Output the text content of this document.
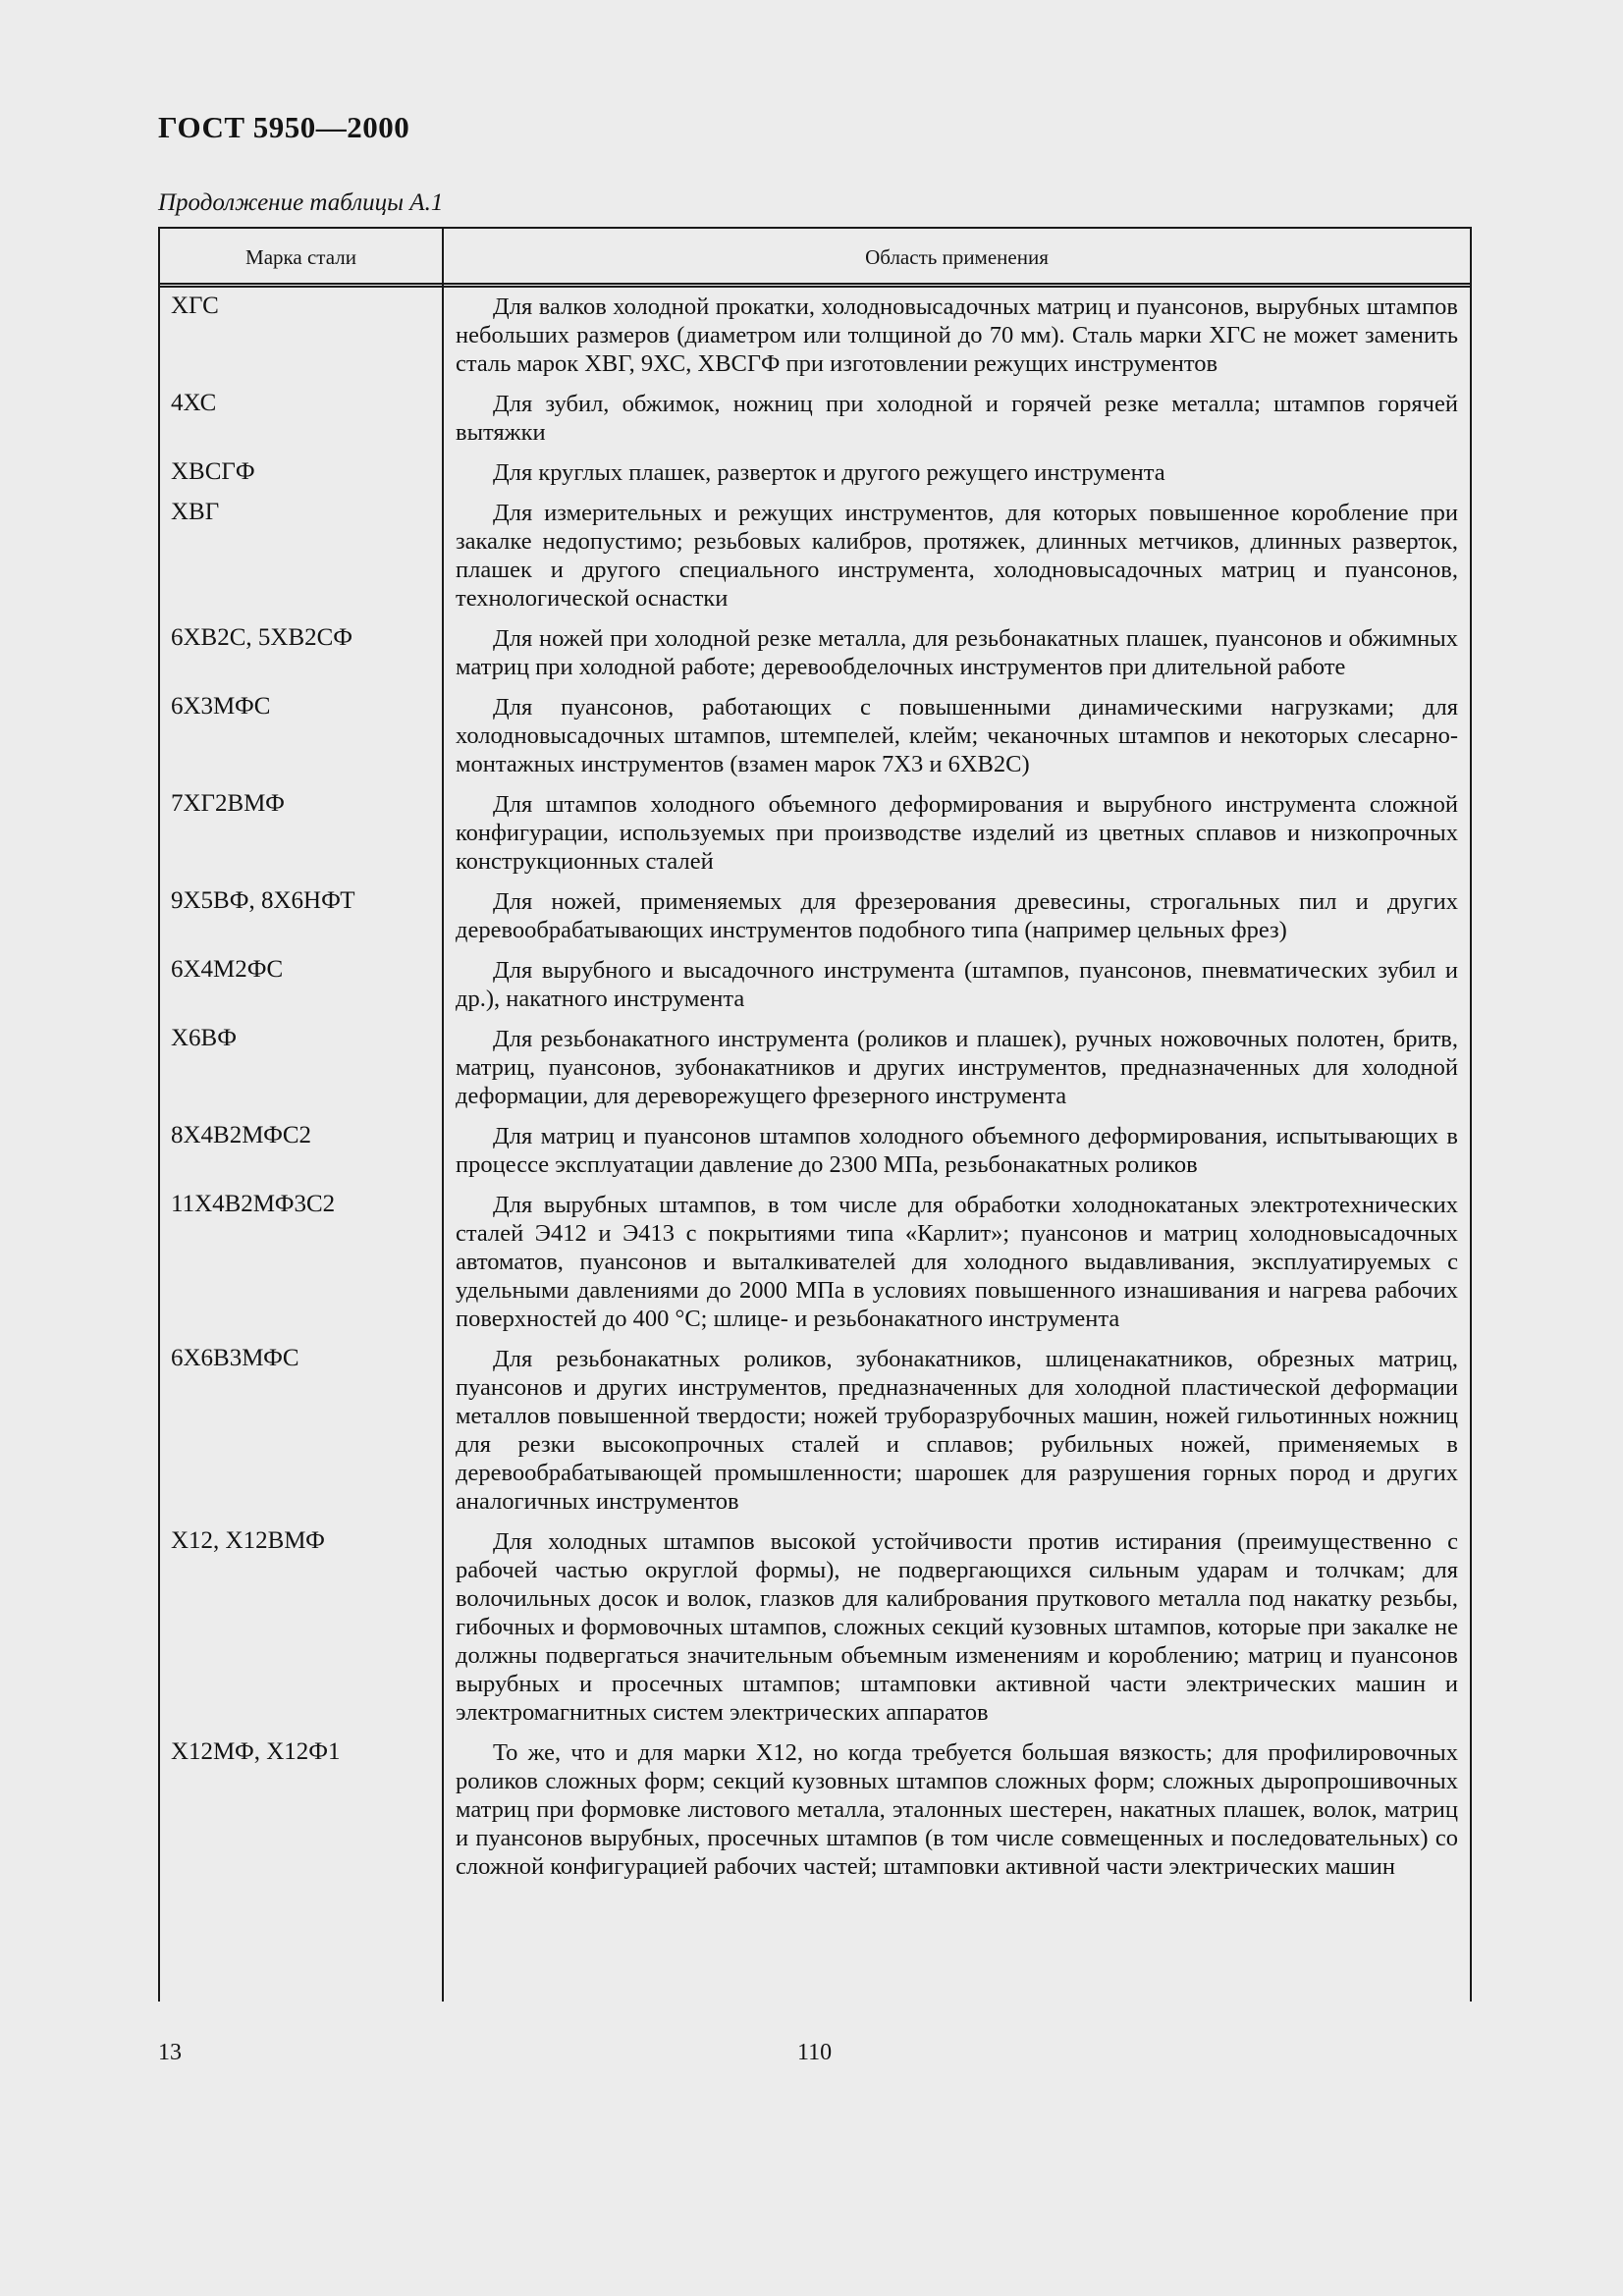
ГОСТ 5950—2000

Продолжение таблицы А.1

Марка стали	Область применения
ХГС	Для валков холодной прокатки, холодновысадочных матриц и пуансонов, вырубных штампов небольших размеров (диаметром или толщиной до 70 мм). Сталь марки ХГС не может заменить сталь марок ХВГ, 9ХС, ХВСГФ при изготовлении режущих инструментов
4ХС	Для зубил, обжимок, ножниц при холодной и горячей резке металла; штампов горячей вытяжки
ХВСГФ	Для круглых плашек, разверток и другого режущего инструмента
ХВГ	Для измерительных и режущих инструментов, для которых повышенное коробление при закалке недопустимо; резьбовых калибров, протяжек, длинных метчиков, длинных разверток, плашек и другого специального инструмента, холодновысадочных матриц и пуансонов, технологической оснастки
6ХВ2С, 5ХВ2СФ	Для ножей при холодной резке металла, для резьбонакатных плашек, пуансонов и обжимных матриц при холодной работе; деревообделочных инструментов при длительной работе
6Х3МФС	Для пуансонов, работающих с повышенными динамическими нагрузками; для холодновысадочных штампов, штемпелей, клейм; чеканочных штампов и некоторых слесарно-монтажных инструментов (взамен марок 7Х3 и 6ХВ2С)
7ХГ2ВМФ	Для штампов холодного объемного деформирования и вырубного инструмента сложной конфигурации, используемых при производстве изделий из цветных сплавов и низкопрочных конструкционных сталей
9Х5ВФ, 8Х6НФТ	Для ножей, применяемых для фрезерования древесины, строгальных пил и других деревообрабатывающих инструментов подобного типа (например цельных фрез)
6Х4М2ФС	Для вырубного и высадочного инструмента (штампов, пуансонов, пневматических зубил и др.), накатного инструмента
Х6ВФ	Для резьбонакатного инструмента (роликов и плашек), ручных ножовочных полотен, бритв, матриц, пуансонов, зубонакатников и других инструментов, предназначенных для холодной деформации, для дереворежущего фрезерного инструмента
8Х4В2МФС2	Для матриц и пуансонов штампов холодного объемного деформирования, испытывающих в процессе эксплуатации давление до 2300 МПа, резьбонакатных роликов
11Х4В2МФ3С2	Для вырубных штампов, в том числе для обработки холоднокатаных электротехнических сталей Э412 и Э413 с покрытиями типа «Карлит»; пуансонов и матриц холодновысадочных автоматов, пуансонов и выталкивателей для холодного выдавливания, эксплуатируемых с удельными давлениями до 2000 МПа в условиях повышенного изнашивания и нагрева рабочих поверхностей до 400 °С; шлице- и резьбонакатного инструмента
6Х6В3МФС	Для резьбонакатных роликов, зубонакатников, шлиценакатников, обрезных матриц, пуансонов и других инструментов, предназначенных для холодной пластической деформации металлов повышенной твердости; ножей труборазрубочных машин, ножей гильотинных ножниц для резки высокопрочных сталей и сплавов; рубильных ножей, применяемых в деревообрабатывающей промышленности; шарошек для разрушения горных пород и других аналогичных инструментов
Х12, Х12ВМФ	Для холодных штампов высокой устойчивости против истирания (преимущественно с рабочей частью округлой формы), не подвергающихся сильным ударам и толчкам; для волочильных досок и волок, глазков для калибрования пруткового металла под накатку резьбы, гибочных и формовочных штампов, сложных секций кузовных штампов, которые при закалке не должны подвергаться значительным объемным изменениям и короблению; матриц и пуансонов вырубных и просечных штампов; штамповки активной части электрических машин и электромагнитных систем электрических аппаратов
Х12МФ, Х12Ф1	То же, что и для марки Х12, но когда требуется большая вязкость; для профилировочных роликов сложных форм; секций кузовных штампов сложных форм; сложных дыропрошивочных матриц при формовке листового металла, эталонных шестерен, накатных плашек, волок, матриц и пуансонов вырубных, просечных штампов (в том числе совмещенных и последовательных) со сложной конфигурацией рабочих частей; штамповки активной части электрических машин
13	110
